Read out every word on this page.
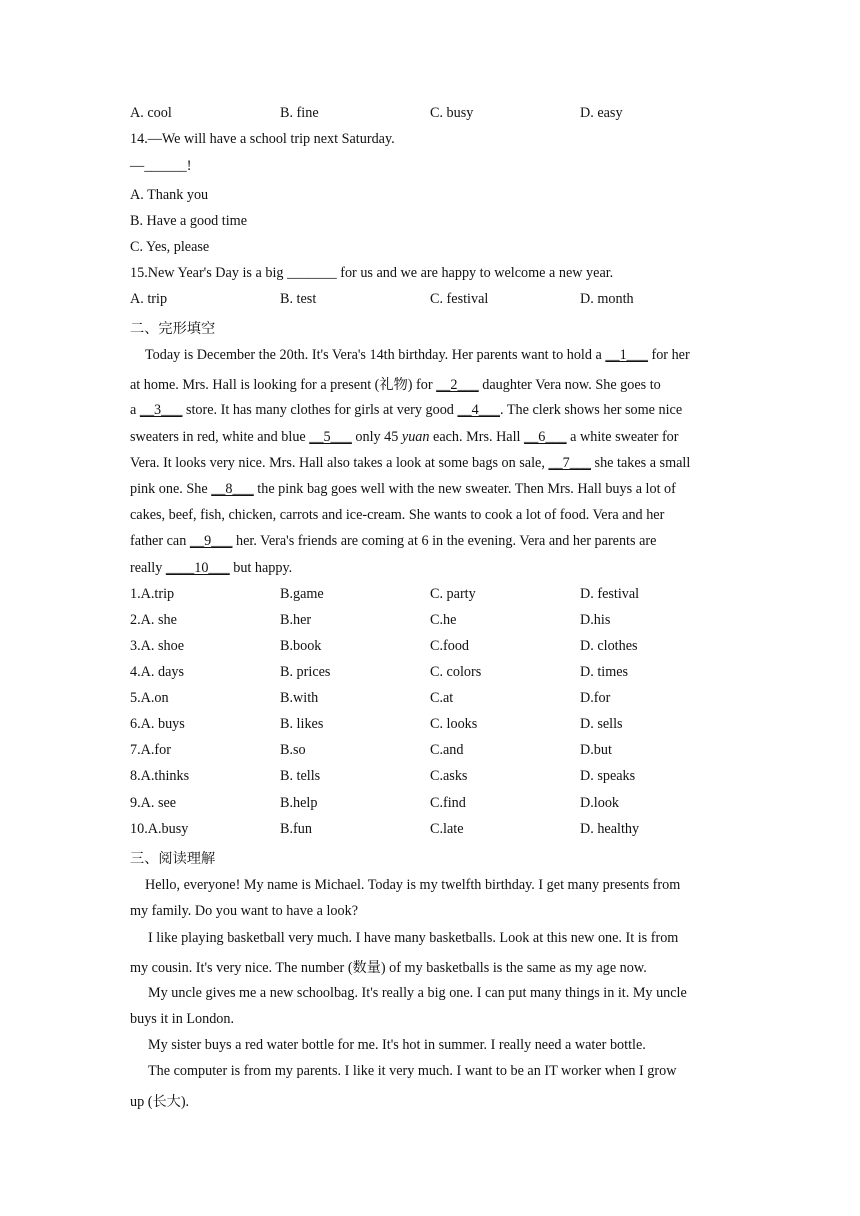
A. cool	B. fine	C. busy	D. easy
14.—We will have a school trip next Saturday.
—______!
A. Thank you
B. Have a good time
C. Yes, please
15.New Year's Day is a big _______ for us and we are happy to welcome a new year.
A. trip	B. test	C. festival	D. month
二、完形填空
Today is December the 20th. It's Vera's 14th birthday. Her parents want to hold a __1___ for her
at home. Mrs. Hall is looking for a present (礼物) for __2___ daughter Vera now. She goes to
a __3___ store. It has many clothes for girls at very good __4___. The clerk shows her some nice
sweaters in red, white and blue __5___ only 45 yuan each. Mrs. Hall __6___ a white sweater for
Vera. It looks very nice. Mrs. Hall also takes a look at some bags on sale, __7___ she takes a small
pink one. She __8___ the pink bag goes well with the new sweater. Then Mrs. Hall buys a lot of
cakes, beef, fish, chicken, carrots and ice-cream. She wants to cook a lot of food. Vera and her
father can __9___ her. Vera's friends are coming at 6 in the evening. Vera and her parents are
really ____10___ but happy.
1.A.trip	B.game	C. party	D. festival
2.A. she	B.her	C.he	D.his
3.A. shoe	B.book	C.food	D. clothes
4.A. days	B. prices	C. colors	D. times
5.A.on	B.with	C.at	D.for
6.A. buys	B. likes	C. looks	D. sells
7.A.for	B.so	C.and	D.but
8.A.thinks	B. tells	C.asks	D. speaks
9.A. see	B.help	C.find	D.look
10.A.busy	B.fun	C.late	D. healthy
三、阅读理解
Hello, everyone! My name is Michael. Today is my twelfth birthday. I get many presents from
my family. Do you want to have a look?
I like playing basketball very much. I have many basketballs. Look at this new one. It is from
my cousin. It's very nice. The number (数量) of my basketballs is the same as my age now.
My uncle gives me a new schoolbag. It's really a big one. I can put many things in it. My uncle
buys it in London.
My sister buys a red water bottle for me. It's hot in summer. I really need a water bottle.
The computer is from my parents. I like it very much. I want to be an IT worker when I grow
up (长大).
